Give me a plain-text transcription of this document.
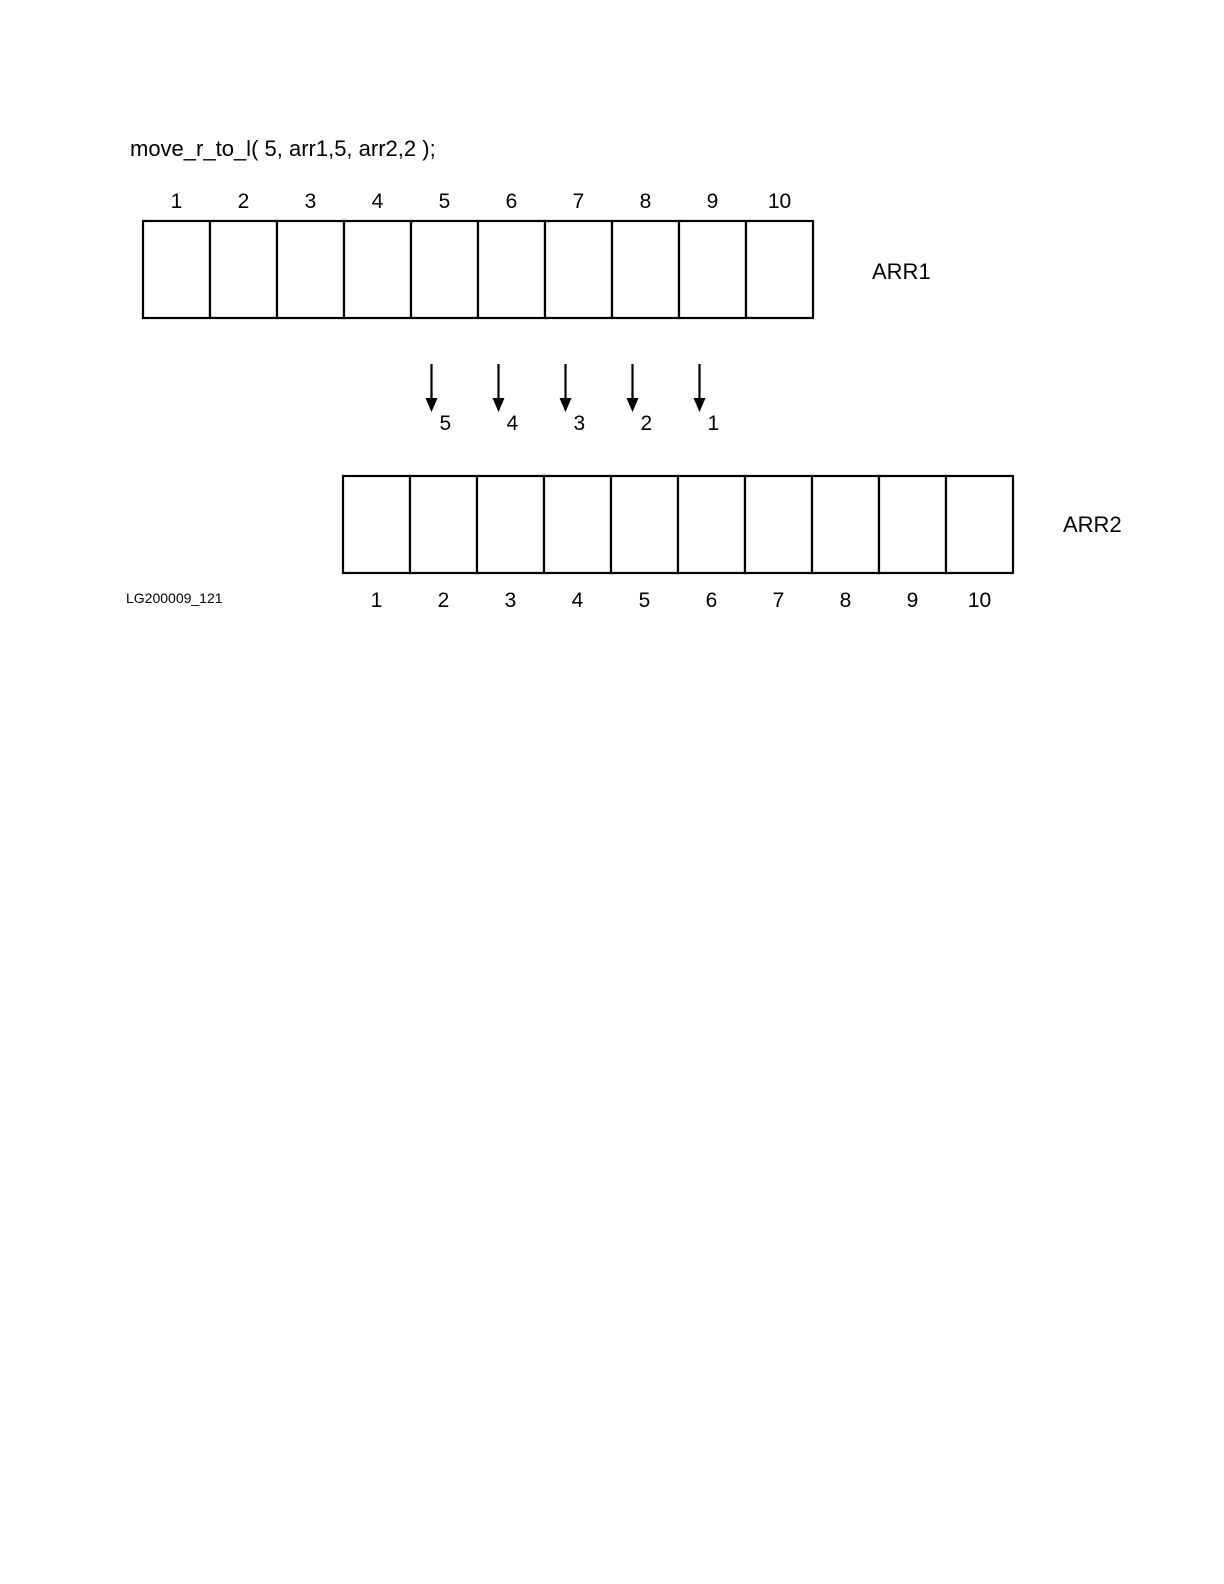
move_r_to_l( 5, arr1,5, arr2,2 );
1	2	3	4	5	6	7	8	9 10
ARR1
5	4	3	2	1
1	2	3	4	5	6	7	8	9 10
ARR2
LG200009_121
